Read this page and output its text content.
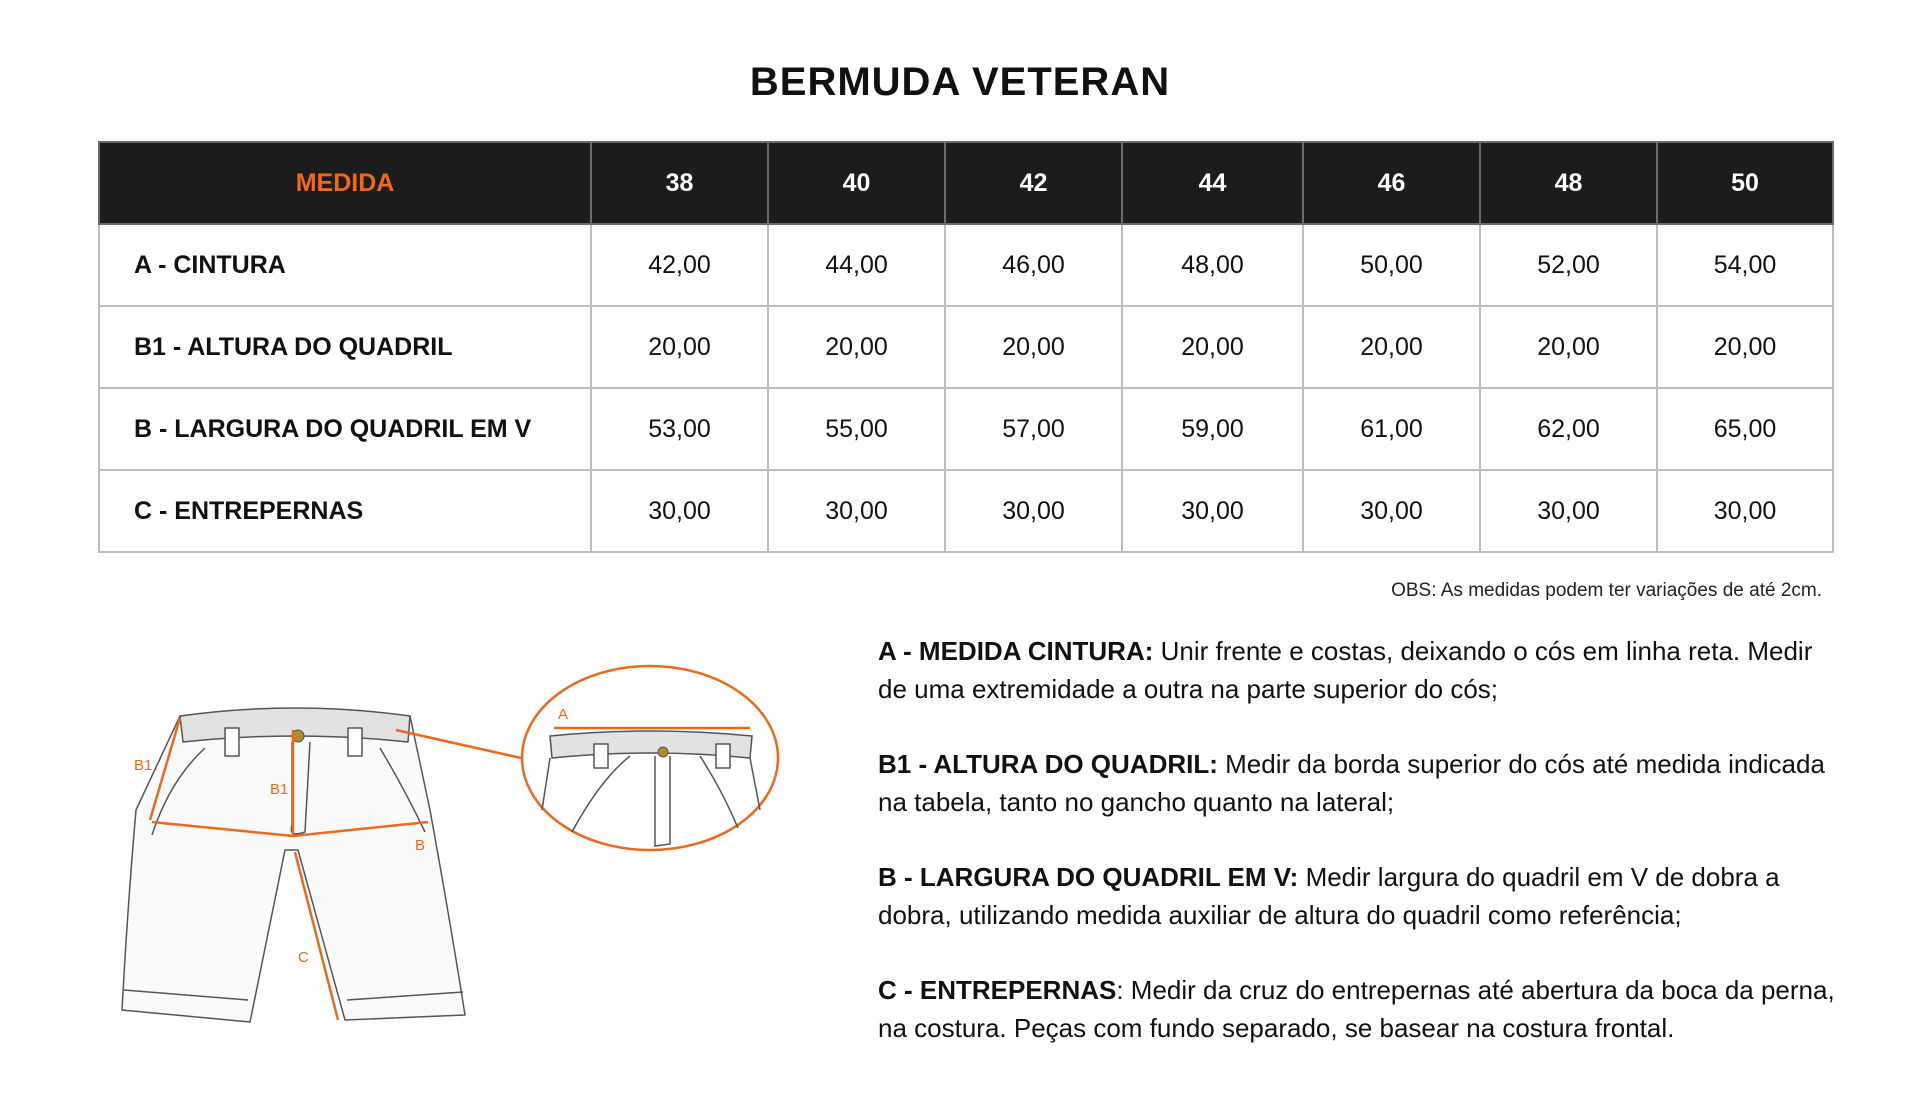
BERMUDA VETERAN
MEDIDA	38	40	42	44	46	48	50
A - CINTURA	42,00	44,00	46,00	48,00	50,00	52,00	54,00
B1 - ALTURA DO QUADRIL	20,00	20,00	20,00	20,00	20,00	20,00	20,00
B - LARGURA DO QUADRIL EM V	53,00	55,00	57,00	59,00	61,00	62,00	65,00
C - ENTREPERNAS	30,00	30,00	30,00	30,00	30,00	30,00	30,00
OBS: As medidas podem ter variações de até 2cm.
B1
B1
B
C
A

A - MEDIDA CINTURA: Unir frente e costas, deixando o cós em linha reta. Medir de uma extremidade a outra na parte superior do cós;

B1 - ALTURA DO QUADRIL: Medir da borda superior do cós até medida indicada na tabela, tanto no gancho quanto na lateral;

B - LARGURA DO QUADRIL EM V: Medir largura do quadril em V de dobra a dobra, utilizando medida auxiliar de altura do quadril como referência;

C - ENTREPERNAS: Medir da cruz do entrepernas até abertura da boca da perna, na costura. Peças com fundo separado, se basear na costura frontal.
